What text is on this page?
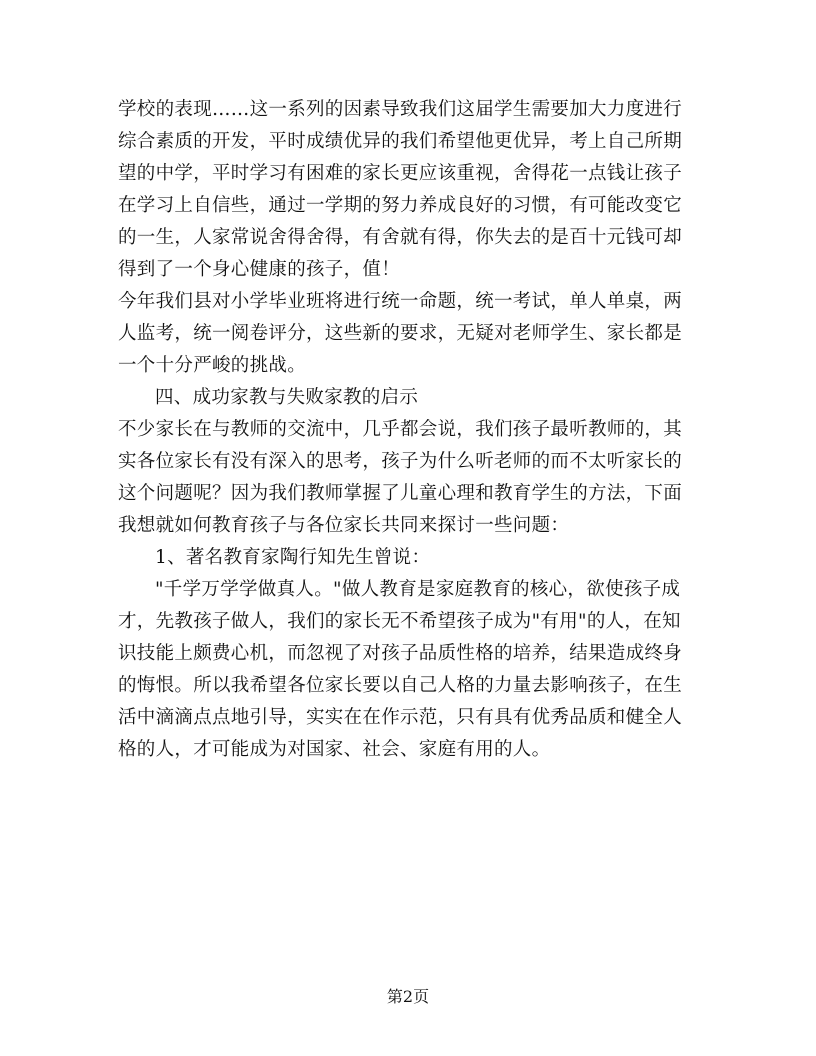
学校的表现……这一系列的因素导致我们这届学生需要加大力度进行
综合素质的开发，平时成绩优异的我们希望他更优异，考上自己所期
望的中学，平时学习有困难的家长更应该重视，舍得花一点钱让孩子
在学习上自信些，通过一学期的努力养成良好的习惯，有可能改变它
的一生，人家常说舍得舍得，有舍就有得，你失去的是百十元钱可却
得到了一个身心健康的孩子，值！
今年我们县对小学毕业班将进行统一命题，统一考试，单人单桌，两
人监考，统一阅卷评分，这些新的要求，无疑对老师学生、家长都是
一个十分严峻的挑战。
四、成功家教与失败家教的启示
不少家长在与教师的交流中，几乎都会说，我们孩子最听教师的，其
实各位家长有没有深入的思考，孩子为什么听老师的而不太听家长的
这个问题呢？因为我们教师掌握了儿童心理和教育学生的方法，下面
我想就如何教育孩子与各位家长共同来探讨一些问题：
1、著名教育家陶行知先生曾说：
"千学万学学做真人。"做人教育是家庭教育的核心，欲使孩子成
才，先教孩子做人，我们的家长无不希望孩子成为"有用"的人，在知
识技能上颇费心机，而忽视了对孩子品质性格的培养，结果造成终身
的悔恨。所以我希望各位家长要以自己人格的力量去影响孩子，在生
活中滴滴点点地引导，实实在在作示范，只有具有优秀品质和健全人
格的人，才可能成为对国家、社会、家庭有用的人。
第2页
